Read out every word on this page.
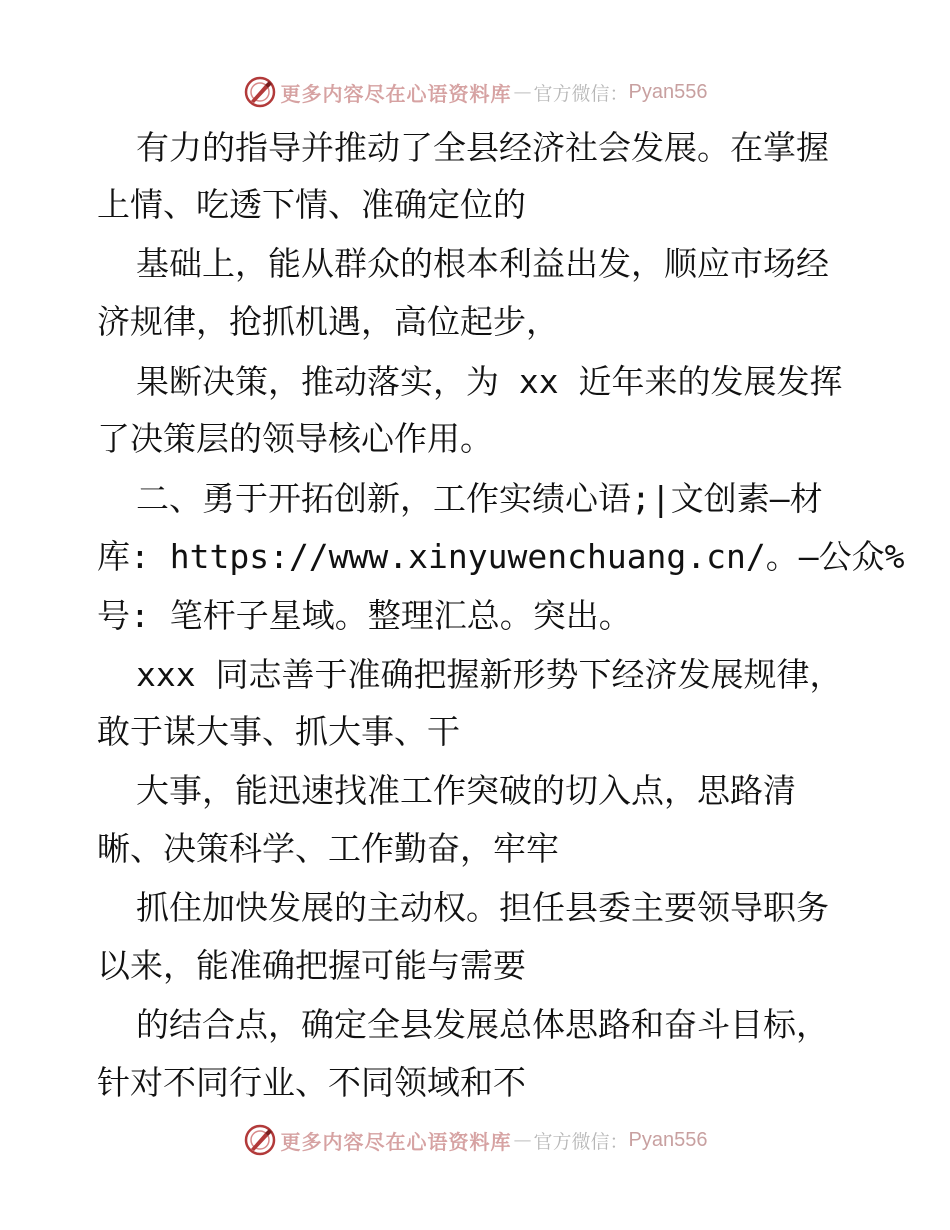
更多内容尽在心语资料库 — 官方微信： Pyan556
有力的指导并推动了全县经济社会发展。在掌握
上情、吃透下情、准确定位的
基础上，能从群众的根本利益出发，顺应市场经
济规律，抢抓机遇，高位起步，
果断决策，推动落实，为 xx 近年来的发展发挥
了决策层的领导核心作用。
二、勇于开拓创新，工作实绩心语;|文创素—材
库: https://www.xinyuwenchuang.cn/。—公众%
号: 笔杆子星域。整理汇总。突出。
xxx 同志善于准确把握新形势下经济发展规律，
敢于谋大事、抓大事、干
大事，能迅速找准工作突破的切入点，思路清
晰、决策科学、工作勤奋，牢牢
抓住加快发展的主动权。担任县委主要领导职务
以来，能准确把握可能与需要
的结合点，确定全县发展总体思路和奋斗目标，
针对不同行业、不同领域和不
更多内容尽在心语资料库 — 官方微信： Pyan556
